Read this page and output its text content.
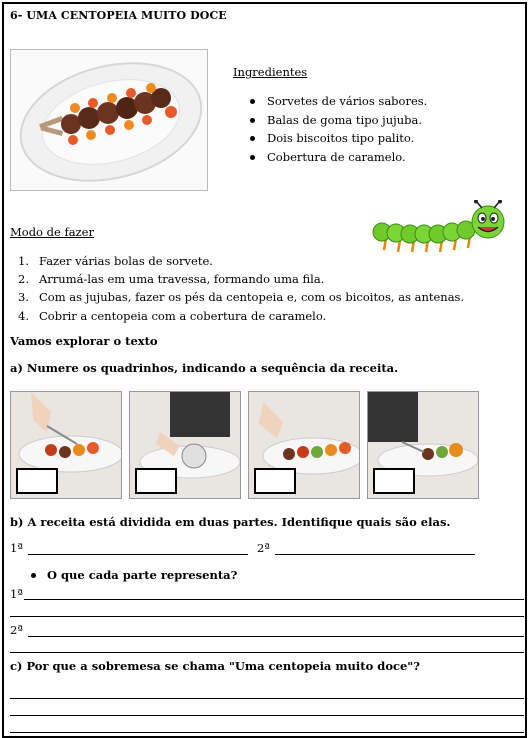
6- UMA CENTOPEIA MUITO DOCE
Ingredientes
Sorvetes de vários sabores.
Balas de goma tipo jujuba.
Dois biscoitos tipo palito.
Cobertura de caramelo.
Modo de fazer
1. Fazer várias bolas de sorvete.
2. Arrumá-las em uma travessa, formando uma fila.
3. Com as jujubas, fazer os pés da centopeia e, com os bicoitos, as antenas.
4. Cobrir a centopeia com a cobertura de caramelo.
Vamos explorar o texto
a) Numere os quadrinhos, indicando a sequência da receita.
b) A receita está dividida em duas partes. Identifique quais são elas.
1ª	2ª
O que cada parte representa?
1ª
2ª
c) Por que a sobremesa se chama "Uma centopeia muito doce"?
